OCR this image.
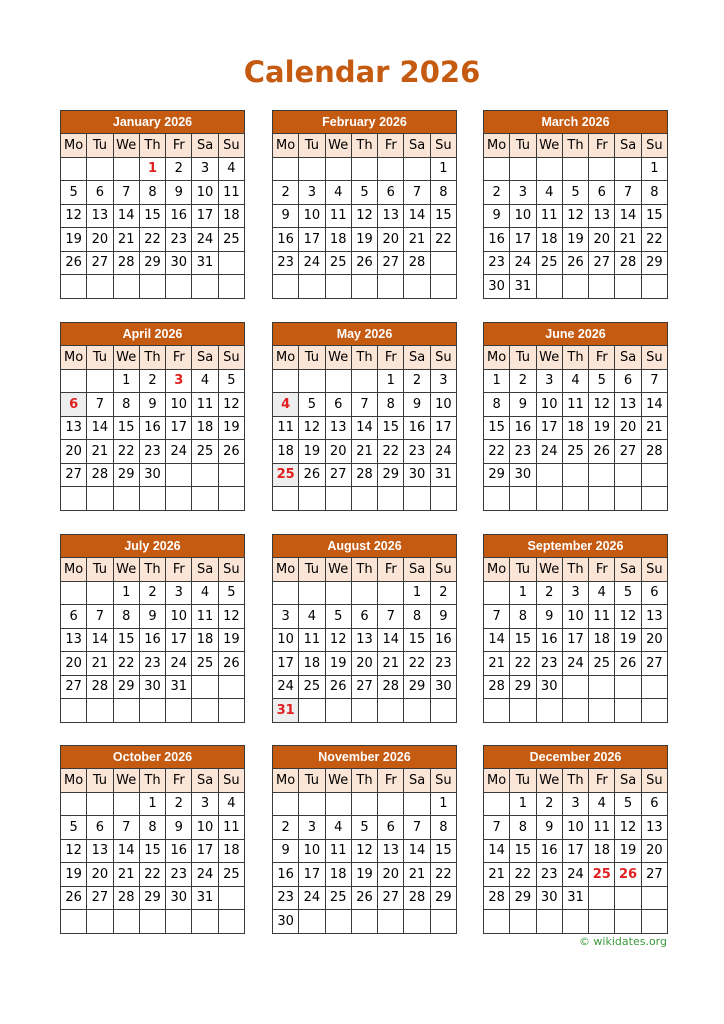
Calendar 2026
January 2026						
Mo	Tu	We	Th	Fr	Sa	Su
			1	2	3	4
5	6	7	8	9	10	11
12	13	14	15	16	17	18
19	20	21	22	23	24	25
26	27	28	29	30	31	

February 2026						
Mo	Tu	We	Th	Fr	Sa	Su
						1
2	3	4	5	6	7	8
9	10	11	12	13	14	15
16	17	18	19	20	21	22
23	24	25	26	27	28	

March 2026						
Mo	Tu	We	Th	Fr	Sa	Su
						1
2	3	4	5	6	7	8
9	10	11	12	13	14	15
16	17	18	19	20	21	22
23	24	25	26	27	28	29
30	31					
April 2026						
Mo	Tu	We	Th	Fr	Sa	Su
		1	2	3	4	5
6	7	8	9	10	11	12
13	14	15	16	17	18	19
20	21	22	23	24	25	26
27	28	29	30			

May 2026						
Mo	Tu	We	Th	Fr	Sa	Su
				1	2	3
4	5	6	7	8	9	10
11	12	13	14	15	16	17
18	19	20	21	22	23	24
25	26	27	28	29	30	31

June 2026						
Mo	Tu	We	Th	Fr	Sa	Su
1	2	3	4	5	6	7
8	9	10	11	12	13	14
15	16	17	18	19	20	21
22	23	24	25	26	27	28
29	30					

July 2026						
Mo	Tu	We	Th	Fr	Sa	Su
		1	2	3	4	5
6	7	8	9	10	11	12
13	14	15	16	17	18	19
20	21	22	23	24	25	26
27	28	29	30	31		

August 2026						
Mo	Tu	We	Th	Fr	Sa	Su
					1	2
3	4	5	6	7	8	9
10	11	12	13	14	15	16
17	18	19	20	21	22	23
24	25	26	27	28	29	30
31						
September 2026						
Mo	Tu	We	Th	Fr	Sa	Su
	1	2	3	4	5	6
7	8	9	10	11	12	13
14	15	16	17	18	19	20
21	22	23	24	25	26	27
28	29	30				

October 2026						
Mo	Tu	We	Th	Fr	Sa	Su
			1	2	3	4
5	6	7	8	9	10	11
12	13	14	15	16	17	18
19	20	21	22	23	24	25
26	27	28	29	30	31	

November 2026						
Mo	Tu	We	Th	Fr	Sa	Su
						1
2	3	4	5	6	7	8
9	10	11	12	13	14	15
16	17	18	19	20	21	22
23	24	25	26	27	28	29
30						
December 2026						
Mo	Tu	We	Th	Fr	Sa	Su
	1	2	3	4	5	6
7	8	9	10	11	12	13
14	15	16	17	18	19	20
21	22	23	24	25	26	27
28	29	30	31			

© wikidates.org
